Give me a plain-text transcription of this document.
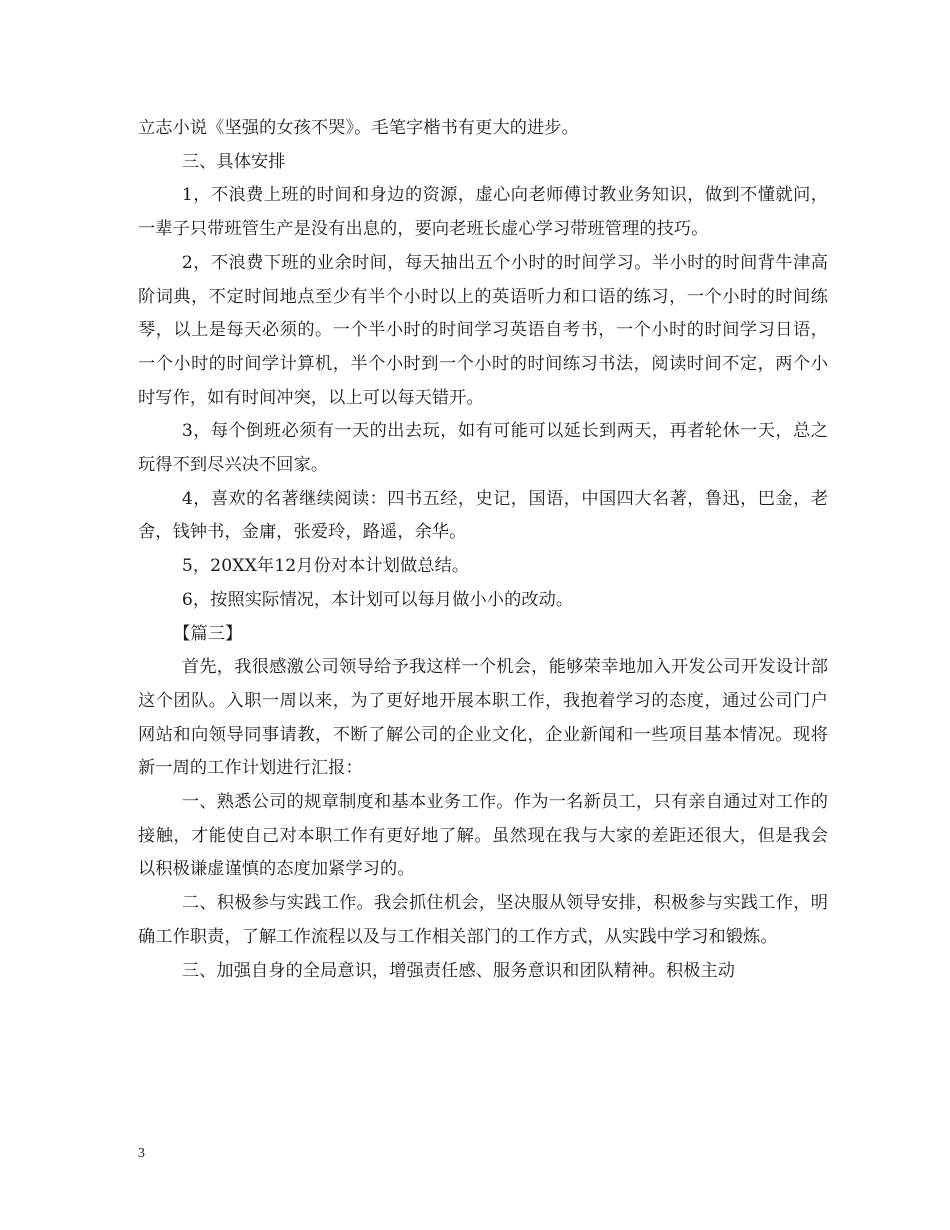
立志小说《坚强的女孩不哭》。毛笔字楷书有更大的进步。

三、具体安排

1，不浪费上班的时间和身边的资源，虚心向老师傅讨教业务知识，做到不懂就问，一辈子只带班管生产是没有出息的，要向老班长虚心学习带班管理的技巧。

2，不浪费下班的业余时间，每天抽出五个小时的时间学习。半小时的时间背牛津高阶词典，不定时间地点至少有半个小时以上的英语听力和口语的练习，一个小时的时间练琴，以上是每天必须的。一个半小时的时间学习英语自考书，一个小时的时间学习日语，一个小时的时间学计算机，半个小时到一个小时的时间练习书法，阅读时间不定，两个小时写作，如有时间冲突，以上可以每天错开。

3，每个倒班必须有一天的出去玩，如有可能可以延长到两天，再者轮休一天，总之玩得不到尽兴决不回家。

4，喜欢的名著继续阅读：四书五经，史记，国语，中国四大名著，鲁迅，巴金，老舍，钱钟书，金庸，张爱玲，路遥，余华。

5，20XX年12月份对本计划做总结。

6，按照实际情况，本计划可以每月做小小的改动。

【篇三】

首先，我很感激公司领导给予我这样一个机会，能够荣幸地加入开发公司开发设计部这个团队。入职一周以来，为了更好地开展本职工作，我抱着学习的态度，通过公司门户网站和向领导同事请教，不断了解公司的企业文化，企业新闻和一些项目基本情况。现将新一周的工作计划进行汇报：

一、熟悉公司的规章制度和基本业务工作。作为一名新员工，只有亲自通过对工作的接触，才能使自己对本职工作有更好地了解。虽然现在我与大家的差距还很大，但是我会以积极谦虚谨慎的态度加紧学习的。

二、积极参与实践工作。我会抓住机会，坚决服从领导安排，积极参与实践工作，明确工作职责，了解工作流程以及与工作相关部门的工作方式，从实践中学习和锻炼。

三、加强自身的全局意识，增强责任感、服务意识和团队精神。积极主动

3
